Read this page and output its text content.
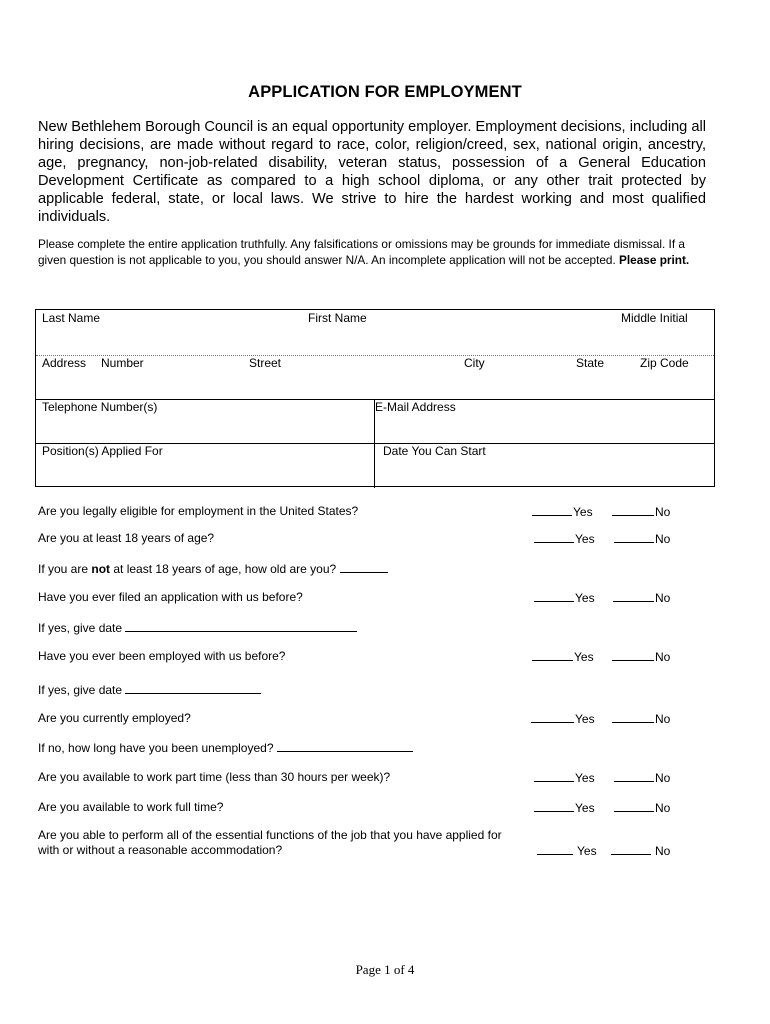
APPLICATION FOR EMPLOYMENT
New Bethlehem Borough Council is an equal opportunity employer. Employment decisions, including all hiring decisions, are made without regard to race, color, religion/creed, sex, national origin, ancestry, age, pregnancy, non-job-related disability, veteran status, possession of a General Education Development Certificate as compared to a high school diploma, or any other trait protected by applicable federal, state, or local laws. We strive to hire the hardest working and most qualified individuals.
Please complete the entire application truthfully. Any falsifications or omissions may be grounds for immediate dismissal. If a given question is not applicable to you, you should answer N/A. An incomplete application will not be accepted. Please print.
Last Name	First Name	Middle Initial
Address Number	Street	City	State	Zip Code
Telephone Number(s)	E-Mail Address
Position(s) Applied For	Date You Can Start
Are you legally eligible for employment in the United States?	Yes	No
Are you at least 18 years of age?	Yes	No
If you are not at least 18 years of age, how old are you?
Have you ever filed an application with us before?	Yes	No
If yes, give date
Have you ever been employed with us before?	Yes	No
If yes, give date
Are you currently employed?	Yes	No
If no, how long have you been unemployed?
Are you available to work part time (less than 30 hours per week)?	Yes	No
Are you available to work full time?	Yes	No
Are you able to perform all of the essential functions of the job that you have applied for
with or without a reasonable accommodation?	Yes	No
Page 1 of 4
